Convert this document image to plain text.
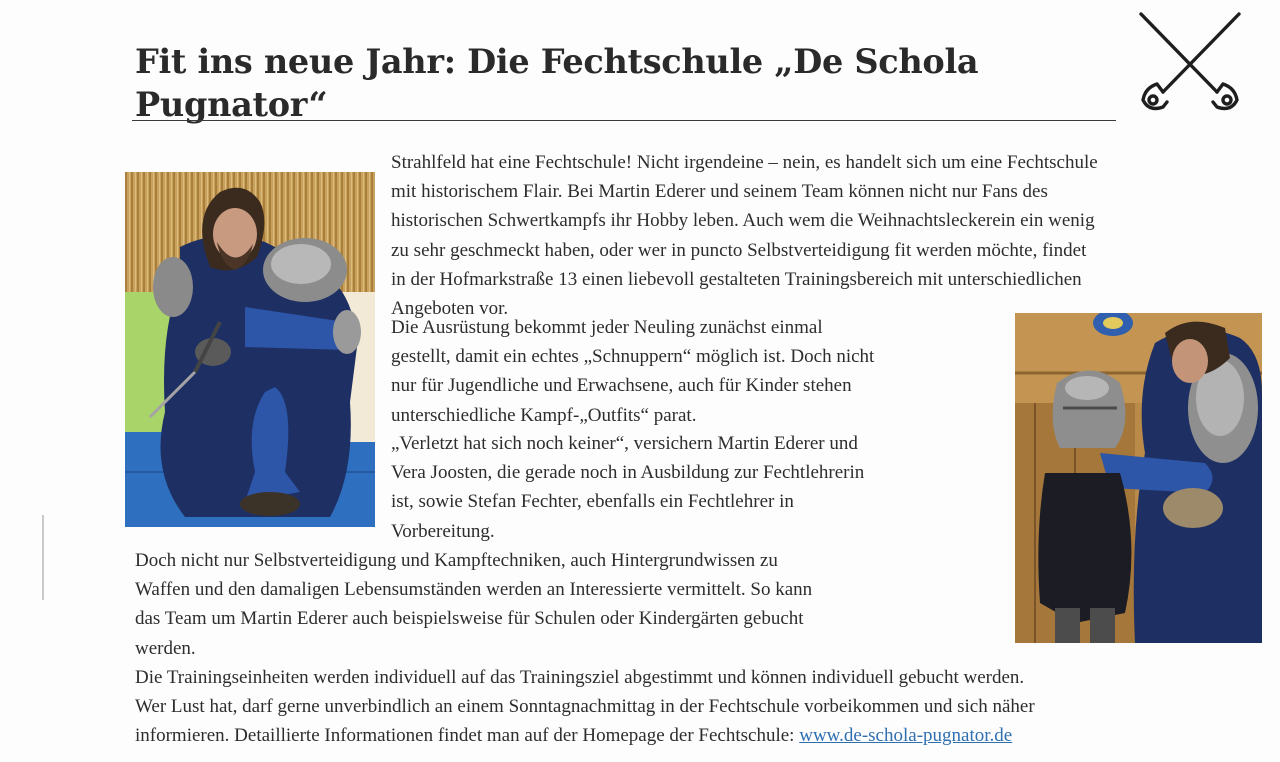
Fit ins neue Jahr: Die Fechtschule „De Schola Pugnator“
Strahlfeld hat eine Fechtschule! Nicht irgendeine – nein, es handelt sich um eine Fechtschule
mit historischem Flair. Bei Martin Ederer und seinem Team können nicht nur Fans des
historischen Schwertkampfs ihr Hobby leben. Auch wem die Weihnachtsleckerein ein wenig
zu sehr geschmeckt haben, oder wer in puncto Selbstverteidigung fit werden möchte, findet
in der Hofmarkstraße 13 einen liebevoll gestalteten Trainingsbereich mit unterschiedlichen
Angeboten vor.
Die Ausrüstung bekommt jeder Neuling zunächst einmal
gestellt, damit ein echtes „Schnuppern“ möglich ist. Doch nicht
nur für Jugendliche und Erwachsene, auch für Kinder stehen
unterschiedliche Kampf-„Outfits“ parat.
„Verletzt hat sich noch keiner“, versichern Martin Ederer und
Vera Joosten, die gerade noch in Ausbildung zur Fechtlehrerin
ist, sowie Stefan Fechter, ebenfalls ein Fechtlehrer in
Vorbereitung.
Doch nicht nur Selbstverteidigung und Kampftechniken, auch Hintergrundwissen zu
Waffen und den damaligen Lebensumständen werden an Interessierte vermittelt. So kann
das Team um Martin Ederer auch beispielsweise für Schulen oder Kindergärten gebucht
werden.
Die Trainingseinheiten werden individuell auf das Trainingsziel abgestimmt und können individuell gebucht werden.
Wer Lust hat, darf gerne unverbindlich an einem Sonntagnachmittag in der Fechtschule vorbeikommen und sich näher
informieren. Detaillierte Informationen findet man auf der Homepage der Fechtschule: www.de-schola-pugnator.de
